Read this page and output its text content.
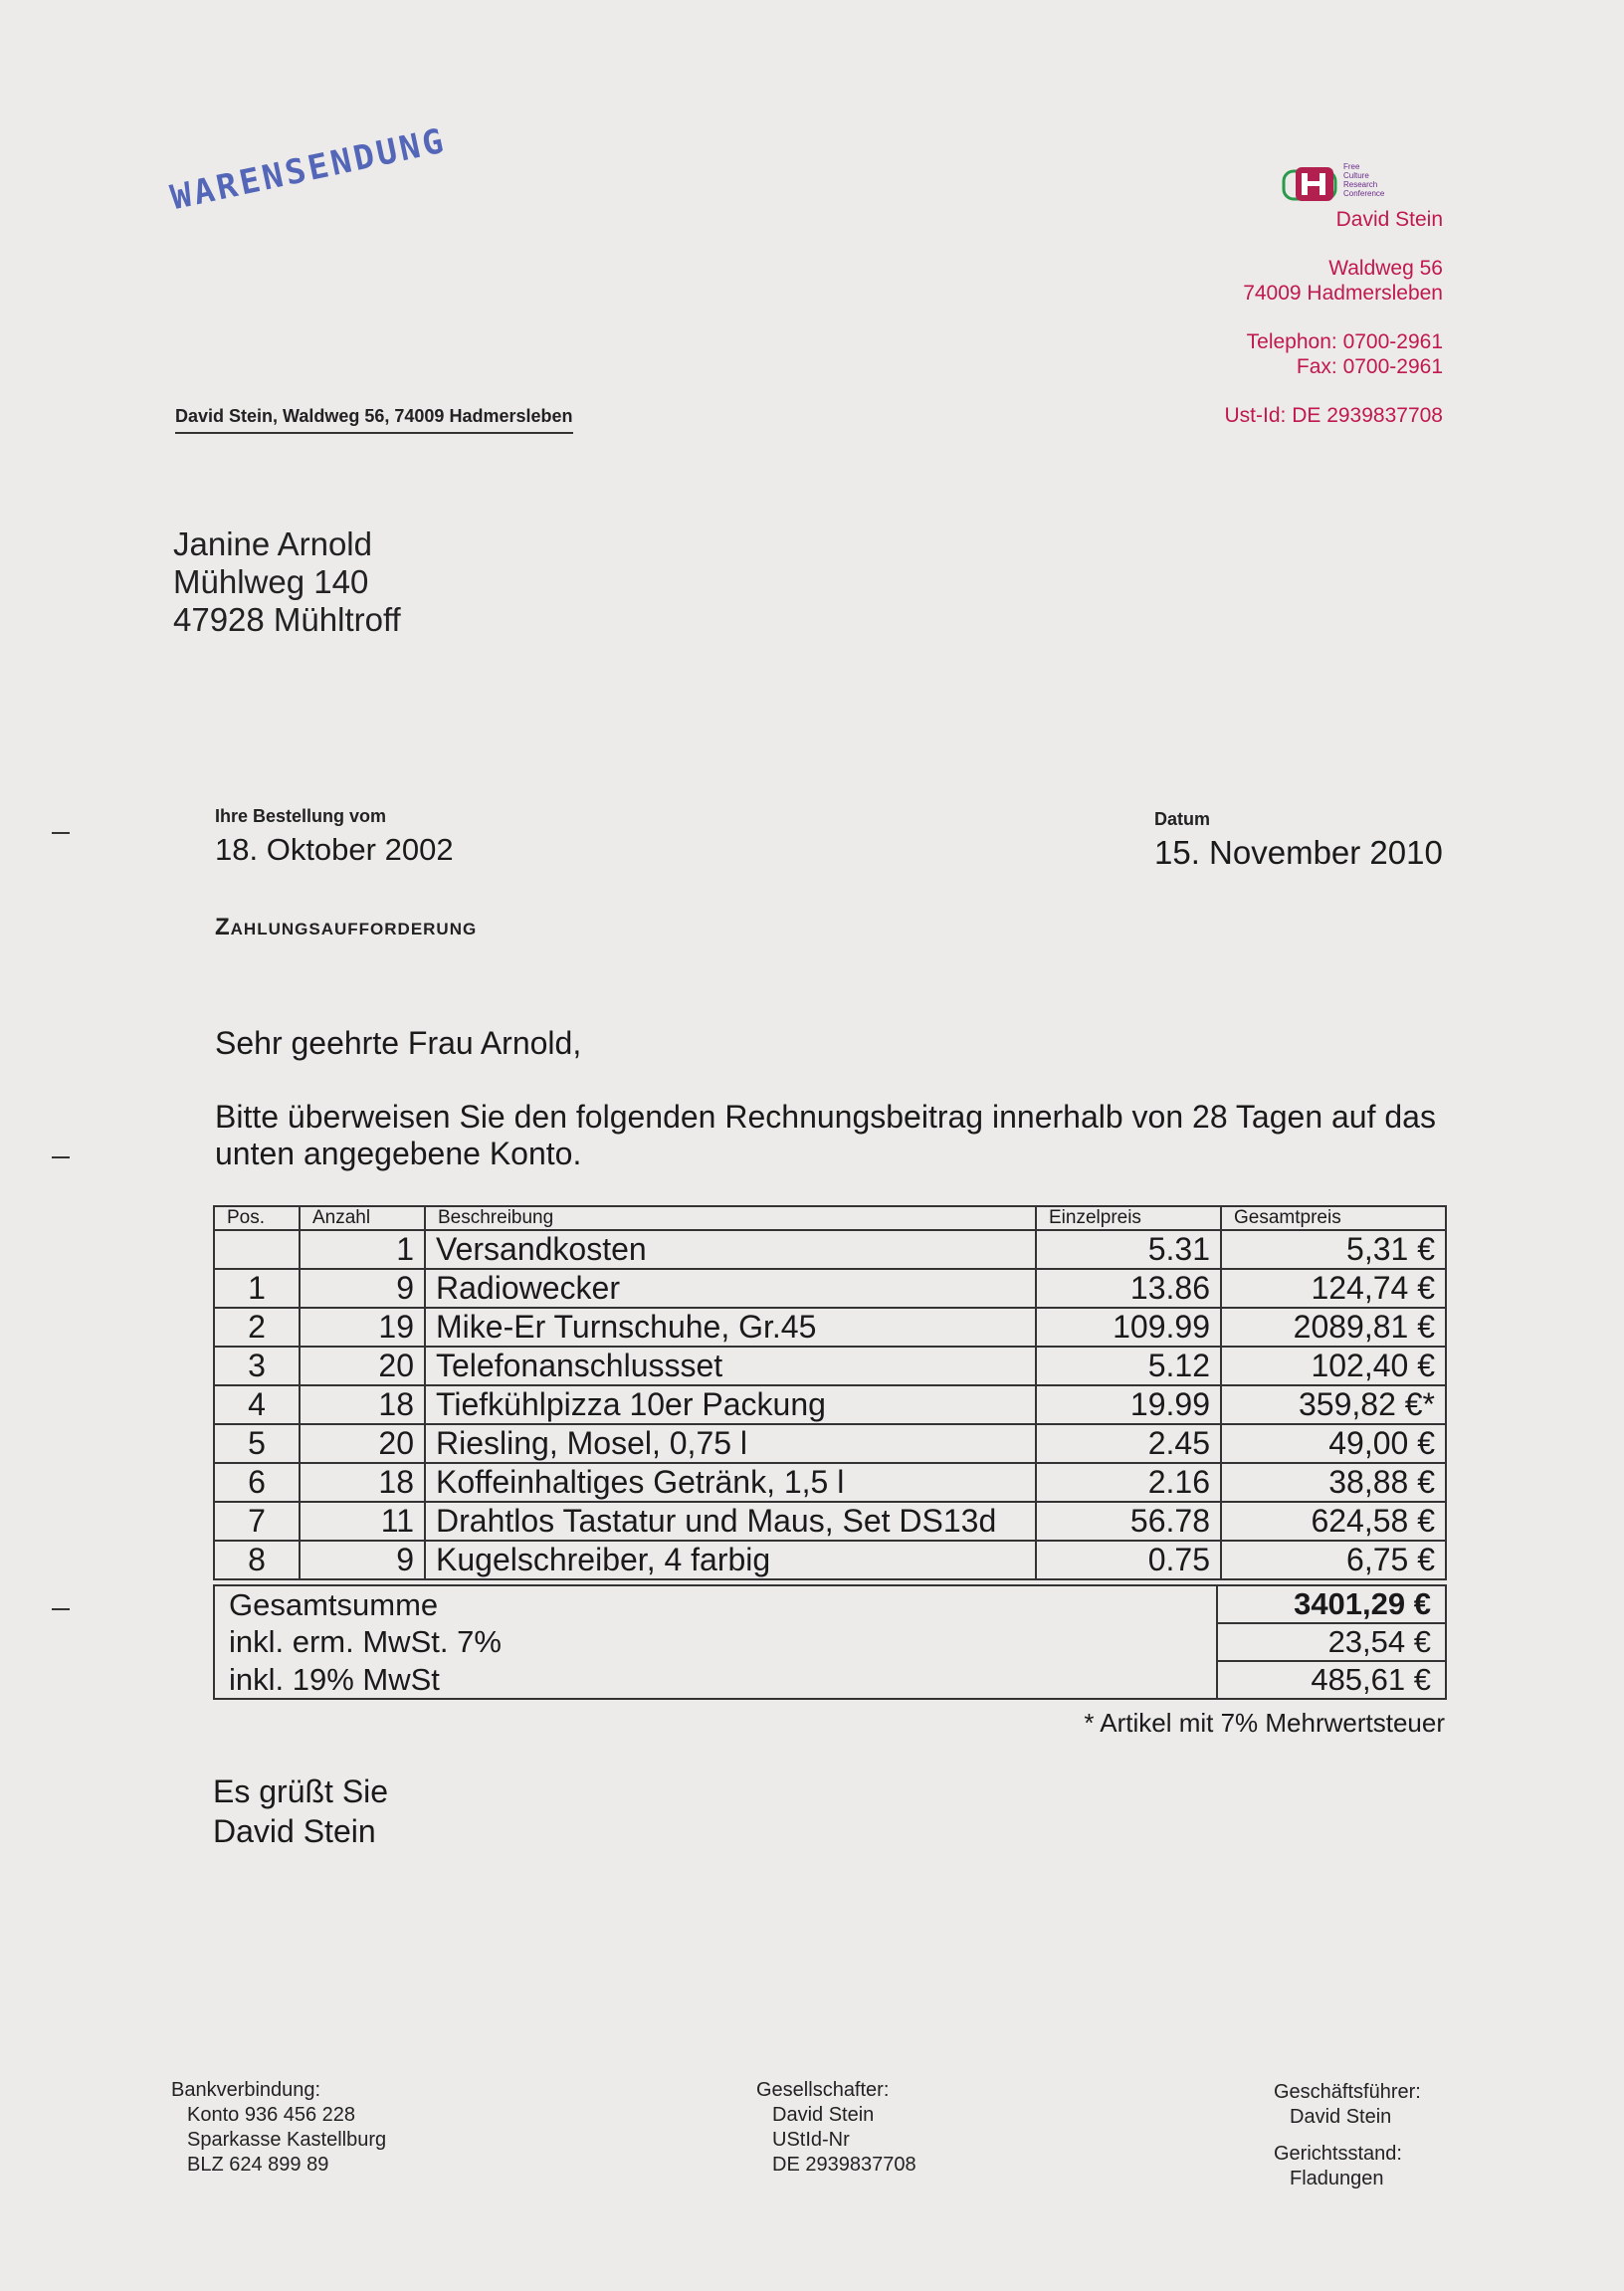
WARENSENDUNG	Free
Culture
Research
Conference
David Stein
Waldweg 56
74009 Hadmersleben
Telephon: 0700-2961
Fax: 0700-2961
Ust-Id: DE 2939837708
David Stein, Waldweg 56, 74009 Hadmersleben
Janine Arnold
Mühlweg 140
47928 Mühltroff
Ihre Bestellung vom
18. Oktober 2002
Datum
15. November 2010
Zahlungsaufforderung
Sehr geehrte Frau Arnold,
Bitte überweisen Sie den folgenden Rechnungsbeitrag innerhalb von 28 Tagen auf das unten angegebene Konto.
Pos.	Anzahl	Beschreibung	Einzelpreis	Gesamtpreis
	1	Versandkosten	5.31	5,31 €
1	9	Radiowecker	13.86	124,74 €
2	19	Mike-Er Turnschuhe, Gr.45	109.99	2089,81 €
3	20	Telefonanschlussset	5.12	102,40 €
4	18	Tiefkühlpizza 10er Packung	19.99	359,82 €*
5	20	Riesling, Mosel, 0,75 l	2.45	49,00 €
6	18	Koffeinhaltiges Getränk, 1,5 l	2.16	38,88 €
7	11	Drahtlos Tastatur und Maus, Set DS13d	56.78	624,58 €
8	9	Kugelschreiber, 4 farbig	0.75	6,75 €
Gesamtsumme	3401,29 €
inkl. erm. MwSt. 7%	23,54 €
inkl. 19% MwSt	485,61 €
* Artikel mit 7% Mehrwertsteuer
Es grüßt Sie
David Stein
Bankverbindung:
Konto 936 456 228
Sparkasse Kastellburg
BLZ 624 899 89
Gesellschafter:
David Stein
UStId-Nr
DE 2939837708
Geschäftsführer:
David Stein
Gerichtsstand:
Fladungen
